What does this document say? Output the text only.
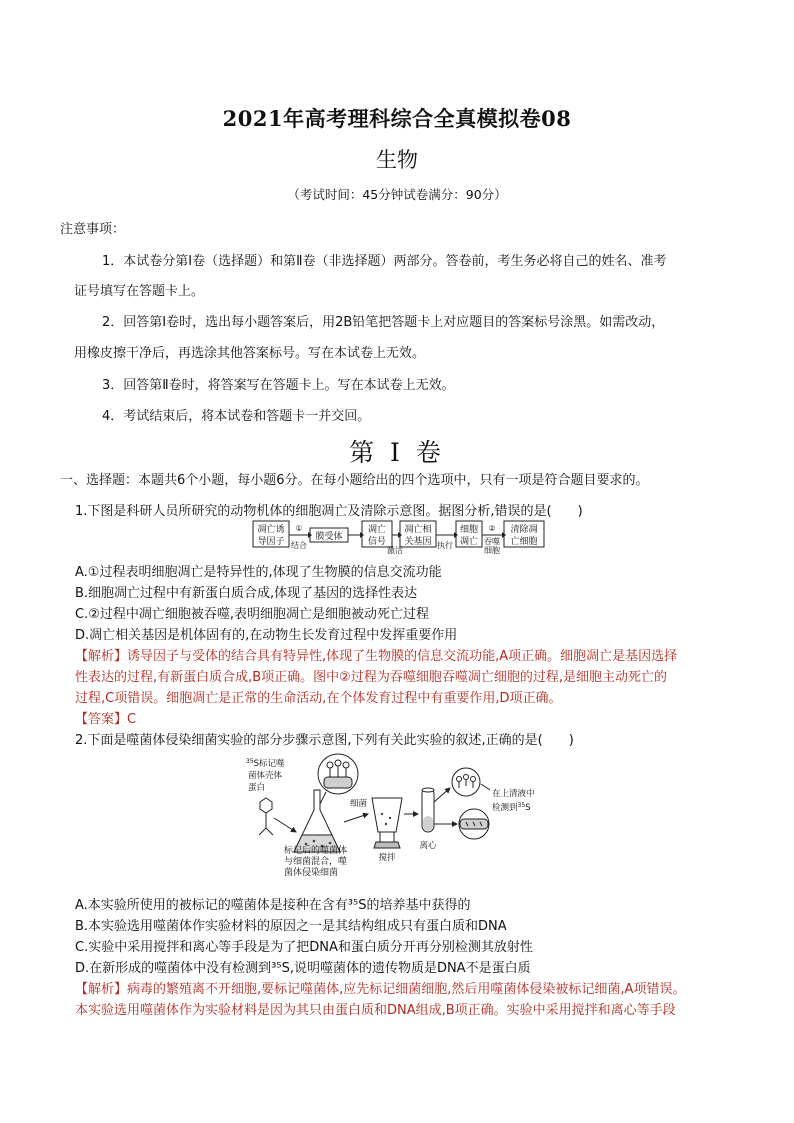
2021年高考理科综合全真模拟卷08
生物
（考试时间：45分钟试卷满分：90分）
注意事项：
1．本试卷分第Ⅰ卷（选择题）和第Ⅱ卷（非选择题）两部分。答卷前，考生务必将自己的姓名、准考
证号填写在答题卡上。
2．回答第Ⅰ卷时，选出每小题答案后，用2B铅笔把答题卡上对应题目的答案标号涂黑。如需改动，
用橡皮擦干净后，再选涂其他答案标号。写在本试卷上无效。
3．回答第Ⅱ卷时，将答案写在答题卡上。写在本试卷上无效。
4．考试结束后，将本试卷和答题卡一并交回。
第 I 卷
一、选择题：本题共6个小题，每小题6分。在每小题给出的四个选项中，只有一项是符合题目要求的。
1.下图是科研人员所研究的动物机体的细胞凋亡及清除示意图。据图分析,错误的是(　　)
凋亡诱
导因子	膜受体
凋亡
信号
凋亡相
关基因
细胞
凋亡
清除凋
亡细胞
①
结合
激活
执行
②
吞噬
细胞
A.①过程表明细胞凋亡是特异性的,体现了生物膜的信息交流功能
B.细胞凋亡过程中有新蛋白质合成,体现了基因的选择性表达
C.②过程中凋亡细胞被吞噬,表明细胞凋亡是细胞被动死亡过程
D.凋亡相关基因是机体固有的,在动物生长发育过程中发挥重要作用
【解析】诱导因子与受体的结合具有特异性,体现了生物膜的信息交流功能,A项正确。细胞凋亡是基因选择
性表达的过程,有新蛋白质合成,B项正确。图中②过程为吞噬细胞吞噬凋亡细胞的过程,是细胞主动死亡的
过程,C项错误。细胞凋亡是正常的生命活动,在个体发育过程中有重要作用,D项正确。
【答案】C
2.下面是噬菌体侵染细菌实验的部分步骤示意图,下列有关此实验的叙述,正确的是(　　)
$^{35}$S标记噬
菌体壳体
蛋白
细菌
在上清液中
检测到$^{35}$S
搅拌
离心
标记后的噬菌体
与细菌混合，噬
菌体侵染细菌
A.本实验所使用的被标记的噬菌体是接种在含有³⁵S的培养基中获得的
B.本实验选用噬菌体作实验材料的原因之一是其结构组成只有蛋白质和DNA
C.实验中采用搅拌和离心等手段是为了把DNA和蛋白质分开再分别检测其放射性
D.在新形成的噬菌体中没有检测到³⁵S,说明噬菌体的遗传物质是DNA不是蛋白质
【解析】病毒的繁殖离不开细胞,要标记噬菌体,应先标记细菌细胞,然后用噬菌体侵染被标记细菌,A项错误。
本实验选用噬菌体作为实验材料是因为其只由蛋白质和DNA组成,B项正确。实验中采用搅拌和离心等手段
